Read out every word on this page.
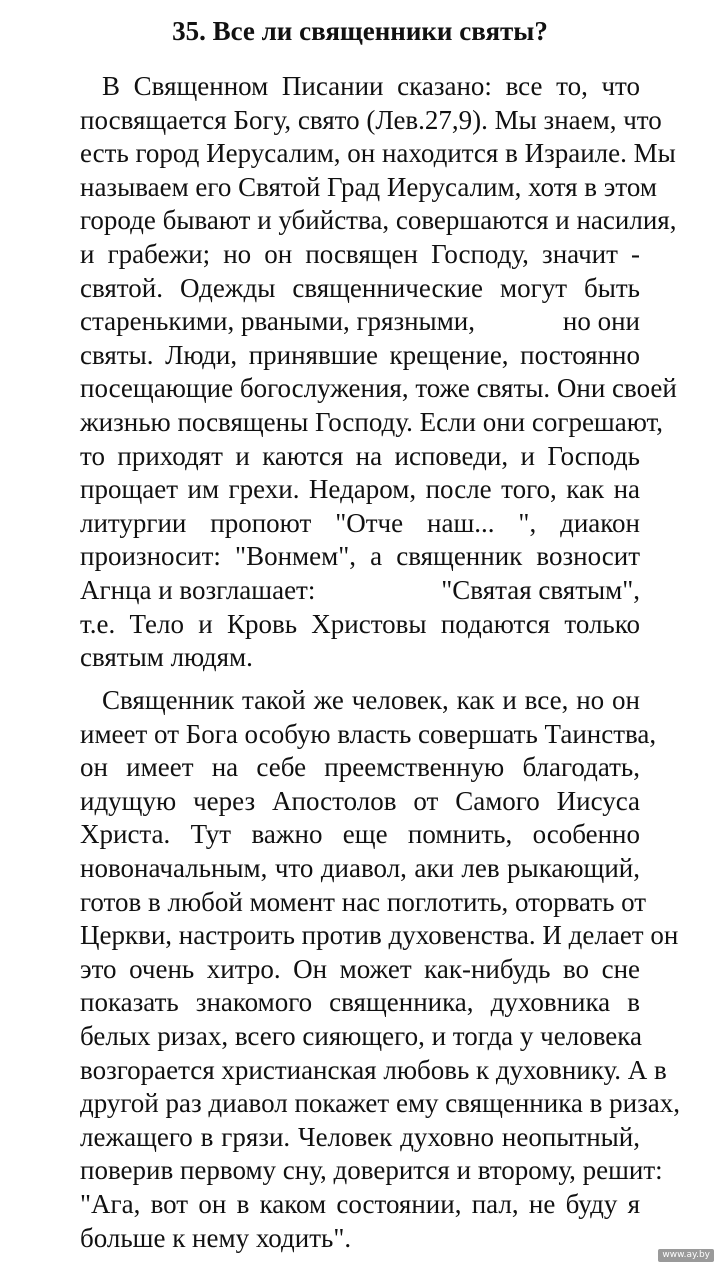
35. Все ли священники святы?
В Священном Писании сказано: все то, что
посвящается Богу, свято (Лев.27,9). Мы знаем, что
есть город Иерусалим, он находится в Израиле. Мы
называем его Святой Град Иерусалим, хотя в этом
городе бывают и убийства, совершаются и насилия,
и грабежи; но он посвящен Господу, значит -
святой. Одежды священнические могут быть
старенькими, рваными, грязными,	но они
святы. Люди, принявшие крещение, постоянно
посещающие богослужения, тоже святы. Они своей
жизнью посвящены Господу. Если они согрешают,
то приходят и каются на исповеди, и Господь
прощает им грехи. Недаром, после того, как на
литургии пропоют "Отче наш... ", диакон
произносит: "Вонмем", а священник возносит
Агнца и возглашает:	"Святая святым",
т.е. Тело и Кровь Христовы подаются только
святым людям.
Священник такой же человек, как и все, но он
имеет от Бога особую власть совершать Таинства,
он имеет на себе преемственную благодать,
идущую через Апостолов от Самого Иисуса
Христа. Тут важно еще помнить, особенно
новоначальным, что диавол, аки лев рыкающий,
готов в любой момент нас поглотить, оторвать от
Церкви, настроить против духовенства. И делает он
это очень хитро. Он может как-нибудь во сне
показать знакомого священника, духовника в
белых ризах, всего сияющего, и тогда у человека
возгорается христианская любовь к духовнику. А в
другой раз диавол покажет ему священника в ризах,
лежащего в грязи. Человек духовно неопытный,
поверив первому сну, доверится и второму, решит:
"Ага, вот он в каком состоянии, пал, не буду я
больше к нему ходить".
www.ay.by
